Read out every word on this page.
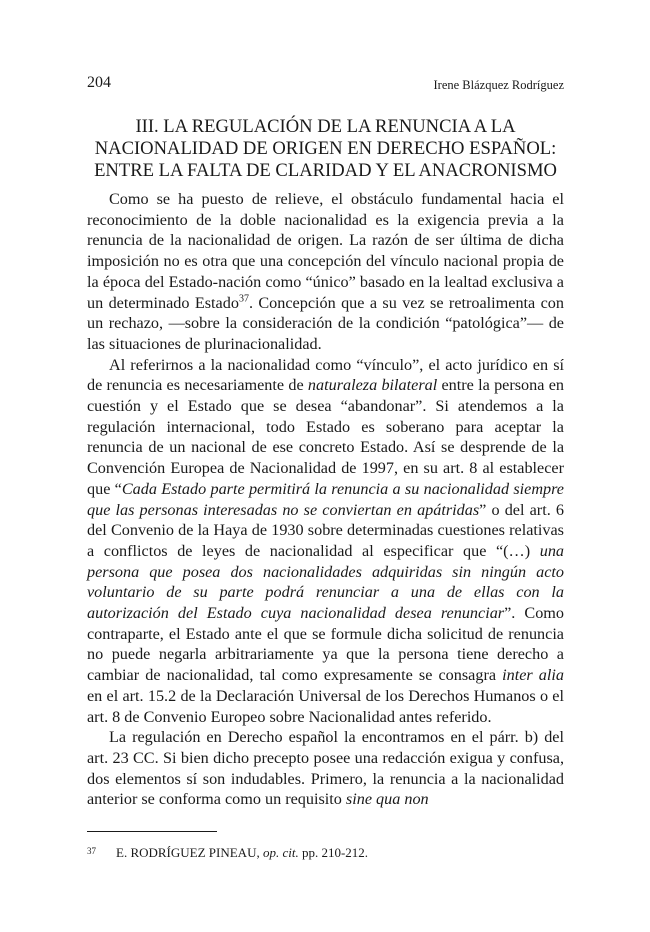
204	Irene Blázquez Rodríguez
III. LA REGULACIÓN DE LA RENUNCIA A LA
NACIONALIDAD DE ORIGEN EN DERECHO ESPAÑOL:
ENTRE LA FALTA DE CLARIDAD Y EL ANACRONISMO

Como se ha puesto de relieve, el obstáculo fundamental hacia el reconocimiento de la doble nacionalidad es la exigencia previa a la renuncia de la nacionalidad de origen. La razón de ser última de dicha imposición no es otra que una concepción del vínculo nacional propia de la época del Estado-nación como “único” basado en la lealtad exclusiva a un determinado Estado$^{37}$. Concepción que a su vez se retroalimenta con un rechazo, —sobre la consideración de la condición “patológica”— de las situaciones de plurinacionalidad.

Al referirnos a la nacionalidad como “vínculo”, el acto jurídico en sí de renuncia es necesariamente de naturaleza bilateral entre la persona en cuestión y el Estado que se desea “abandonar”. Si atendemos a la regulación internacional, todo Estado es soberano para aceptar la renuncia de un nacional de ese concreto Estado. Así se desprende de la Convención Europea de Nacionalidad de 1997, en su art. 8 al establecer que “Cada Estado parte permitirá la renuncia a su nacionalidad siempre que las personas interesadas no se conviertan en apátridas” o del art. 6 del Convenio de la Haya de 1930 sobre determinadas cuestiones relativas a conflictos de leyes de nacionalidad al especificar que “(…) una persona que posea dos nacionalidades adquiridas sin ningún acto voluntario de su parte podrá renunciar a una de ellas con la autorización del Estado cuya nacionalidad desea renunciar”. Como contraparte, el Estado ante el que se formule dicha solicitud de renuncia no puede negarla arbitrariamente ya que la persona tiene derecho a cambiar de nacionalidad, tal como expresamente se consagra inter alia en el art. 15.2 de la Declaración Universal de los Derechos Humanos o el art. 8 de Convenio Europeo sobre Nacionalidad antes referido.

La regulación en Derecho español la encontramos en el párr. b) del art. 23 CC. Si bien dicho precepto posee una redacción exigua y confusa, dos elementos sí son indudables. Primero, la renuncia a la nacionalidad anterior se conforma como un requisito sine qua non

37 E. RODRÍGUEZ PINEAU, op. cit. pp. 210-212.
